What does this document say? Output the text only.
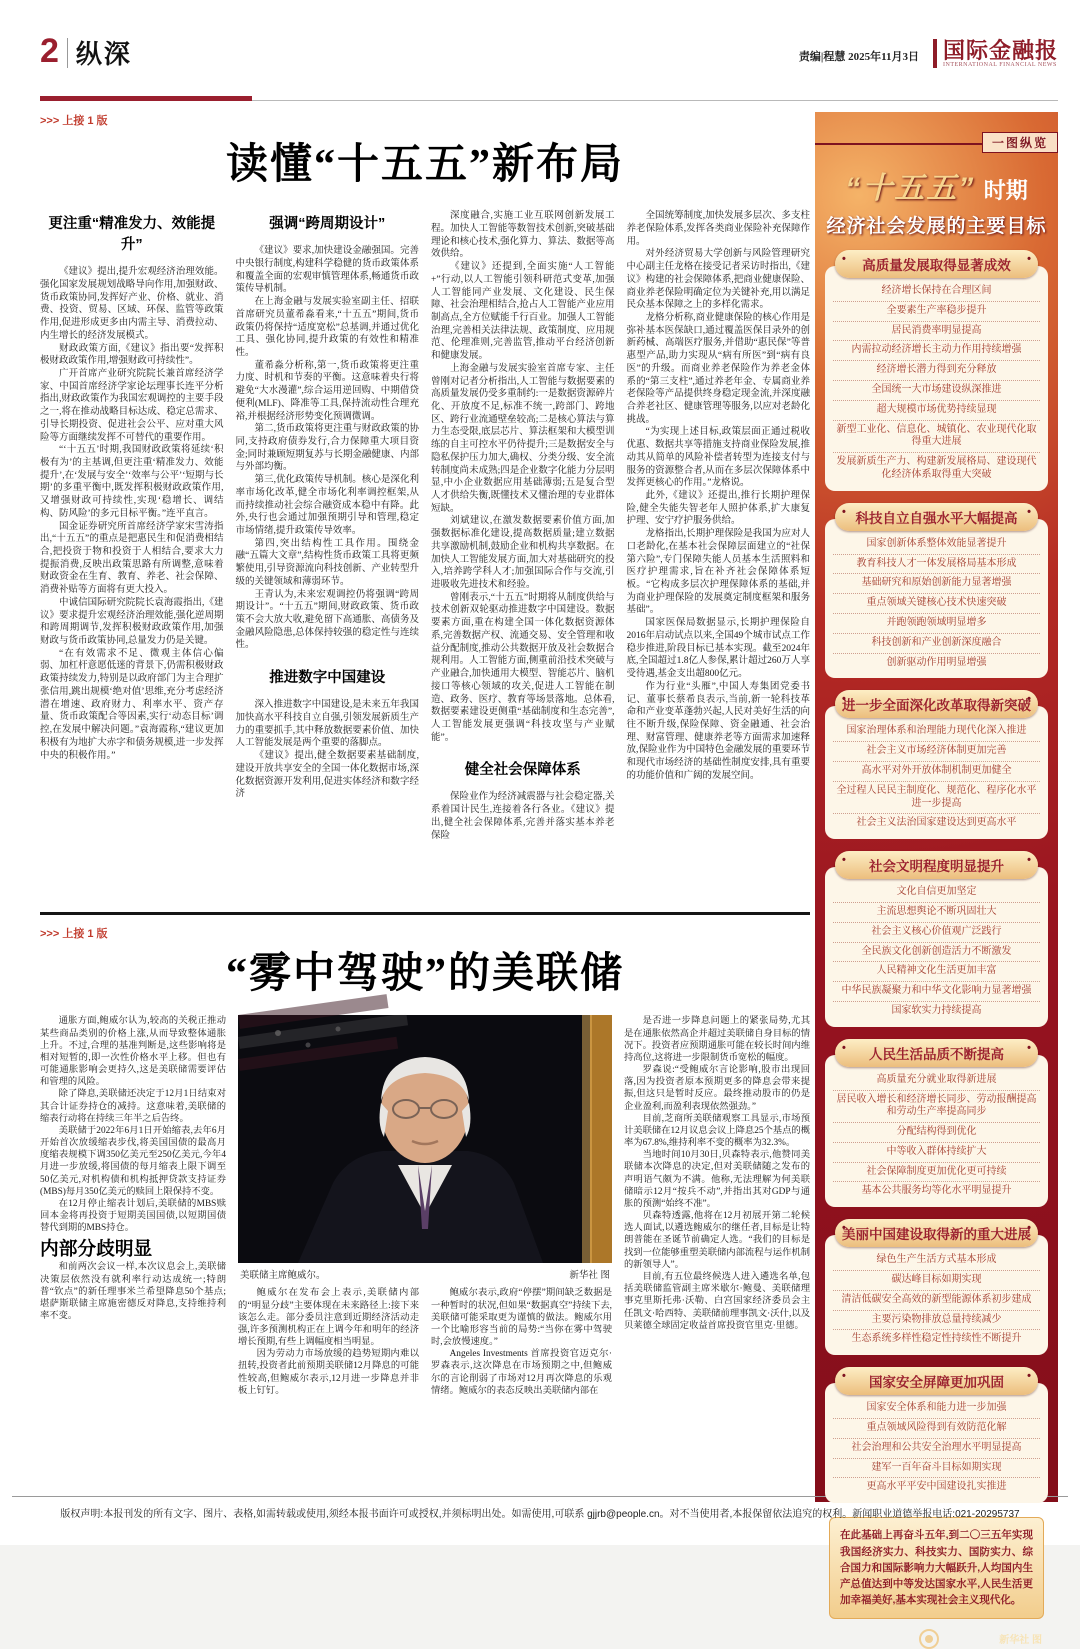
2 纵深	责编|程慧 2025年11月3日 国际金融报
INTERNATIONAL FINANCIAL NEWS
>>> 上接 1 版
读懂“十五五”新布局
更注重“精准发力、效能提升”

《建议》提出,提升宏观经济治理效能。强化国家发展规划战略导向作用,加强财政、货币政策协同,发挥好产业、价格、就业、消费、投资、贸易、区域、环保、监管等政策作用,促进形成更多由内需主导、消费拉动、内生增长的经济发展模式。

财政政策方面,《建议》指出要“发挥积极财政政策作用,增强财政可持续性”。

广开首席产业研究院院长兼首席经济学家、中国首席经济学家论坛理事长连平分析指出,财政政策作为我国宏观调控的主要手段之一,将在推动战略目标达成、稳定总需求、引导长期投资、促进社会公平、应对重大风险等方面继续发挥不可替代的重要作用。

“‘十五五’时期,我国财政政策将延续‘积极有为’的主基调,但更注重‘精准发力、效能提升’,在‘发展与安全’‘效率与公平’‘短期与长期’的多重平衡中,既发挥积极财政政策作用,又增强财政可持续性,实现‘稳增长、调结构、防风险’的多元目标平衡。”连平直言。

国金证券研究所首席经济学家宋雪涛指出,“十五五”的重点是把惠民生和促消费相结合,把投资于物和投资于人相结合,要求大力提振消费,反映出政策思路有所调整,意味着财政资金在生育、教育、养老、社会保障、消费补贴等方面将有更大投入。

中诚信国际研究院院长袁海霞指出,《建议》要求提升宏观经济治理效能,强化逆周期和跨周期调节,发挥积极财政政策作用,加强财政与货币政策协同,总量发力仍是关键。

“在有效需求不足、微观主体信心偏弱、加杠杆意愿低迷的背景下,仍需积极财政政策持续发力,特别是以政府部门为主合理扩张信用,跳出规模‘绝对值’思维,充分考虑经济潜在增速、政府财力、利率水平、资产存量、货币政策配合等因素,实行‘动态目标’调控,在发展中解决问题。”袁海霞称,“建议更加积极有为地扩大赤字和债务规模,进一步发挥中央的积极作用。”

强调“跨周期设计”

《建议》要求,加快建设金融强国。完善中央银行制度,构建科学稳健的货币政策体系和覆盖全面的宏观审慎管理体系,畅通货币政策传导机制。

在上海金融与发展实验室副主任、招联首席研究员董希淼看来,“十五五”期间,货币政策仍将保持“适度宽松”总基调,并通过优化工具、强化协同,提升政策的有效性和精准性。

董希淼分析称,第一,货币政策将更注重力度、时机和节奏的平衡。这意味着央行将避免“大水漫灌”,综合运用逆回购、中期借贷便利(MLF)、降准等工具,保持流动性合理充裕,并根据经济形势变化预调微调。

第二,货币政策将更注重与财政政策的协同,支持政府债券发行,合力保障重大项目资金;同时兼顾短期复苏与长期金融健康、内部与外部均衡。

第三,优化政策传导机制。核心是深化利率市场化改革,健全市场化利率调控框架,从而持续推动社会综合融资成本稳中有降。此外,央行也会通过加强预期引导和管理,稳定市场情绪,提升政策传导效率。

第四,突出结构性工具作用。围绕金融“五篇大文章”,结构性货币政策工具将更频繁使用,引导资源流向科技创新、产业转型升级的关键领域和薄弱环节。

王青认为,未来宏观调控仍将强调“跨周期设计”。“十五五”期间,财政政策、货币政策不会大放大收,避免留下高通胀、高债务及金融风险隐患,总体保持较强的稳定性与连续性。

推进数字中国建设

深入推进数字中国建设,是未来五年我国加快高水平科技自立自强,引领发展新质生产力的重要抓手,其中释放数据要素价值、加快人工智能发展是两个重要的落脚点。

《建议》提出,健全数据要素基础制度,建设开放共享安全的全国一体化数据市场,深化数据资源开发利用,促进实体经济和数字经济

深度融合,实施工业互联网创新发展工程。加快人工智能等数智技术创新,突破基础理论和核心技术,强化算力、算法、数据等高效供给。

《建议》还提到,全面实施“人工智能+”行动,以人工智能引领科研范式变革,加强人工智能同产业发展、文化建设、民生保障、社会治理相结合,抢占人工智能产业应用制高点,全方位赋能千行百业。加强人工智能治理,完善相关法律法规、政策制度、应用规范、伦理准则,完善监管,推动平台经济创新和健康发展。

上海金融与发展实验室首席专家、主任曾刚对记者分析指出,人工智能与数据要素的高质量发展仍受多重制约:一是数据资源碎片化、开放度不足,标准不统一,跨部门、跨地区、跨行业流通壁垒较高;二是核心算法与算力生态受限,底层芯片、算法框架和大模型训练的自主可控水平仍待提升;三是数据安全与隐私保护压力加大,确权、分类分级、安全流转制度尚未成熟;四是企业数字化能力分层明显,中小企业数据应用基础薄弱;五是复合型人才供给失衡,既懂技术又懂治理的专业群体短缺。

刘斌建议,在激发数据要素价值方面,加强数据标准化建设,提高数据质量;建立数据共享激励机制,鼓励企业和机构共享数据。在加快人工智能发展方面,加大对基础研究的投入,培养跨学科人才;加强国际合作与交流,引进吸收先进技术和经验。

曾刚表示,“十五五”时期将从制度供给与技术创新双轮驱动推进数字中国建设。数据要素方面,重在构建全国一体化数据资源体系,完善数据产权、流通交易、安全管理和收益分配制度,推动公共数据开放及社会数据合规利用。人工智能方面,侧重前沿技术突破与产业融合,加快通用大模型、智能芯片、脑机接口等核心领域的攻关,促进人工智能在制造、政务、医疗、教育等场景落地。总体看,数据要素建设更侧重“基础制度和生态完善”,人工智能发展更强调“科技攻坚与产业赋能”。

健全社会保障体系

保险业作为经济减震器与社会稳定器,关系着国计民生,连接着各行各业。《建议》提出,健全社会保障体系,完善并落实基本养老保险

全国统筹制度,加快发展多层次、多支柱养老保险体系,发挥各类商业保险补充保障作用。

对外经济贸易大学创新与风险管理研究中心副主任龙格在接受记者采访时指出,《建议》构建的社会保障体系,把商业健康保险、商业养老保险明确定位为关键补充,用以满足民众基本保障之上的多样化需求。

龙格分析称,商业健康保险的核心作用是弥补基本医保缺口,通过覆盖医保目录外的创新药械、高端医疗服务,并借助“惠民保”等普惠型产品,助力实现从“病有所医”到“病有良医”的升级。而商业养老保险作为养老金体系的“第三支柱”,通过养老年金、专属商业养老保险等产品提供终身稳定现金流,并深度融合养老社区、健康管理等服务,以应对老龄化挑战。

“为实现上述目标,政策层面正通过税收优惠、数据共享等措施支持商业保险发展,推动其从简单的风险补偿者转型为连接支付与服务的资源整合者,从而在多层次保障体系中发挥更核心的作用。”龙格说。

此外,《建议》还提出,推行长期护理保险,健全失能失智老年人照护体系,扩大康复护理、安宁疗护服务供给。

龙格指出,长期护理保险是我国为应对人口老龄化,在基本社会保障层面建立的“社保第六险”,专门保障失能人员基本生活照料和医疗护理需求,旨在补齐社会保障体系短板。“它构成多层次护理保障体系的基础,并为商业护理保险的发展奠定制度框架和服务基础”。

国家医保局数据显示,长期护理保险自2016年启动试点以来,全国49个城市试点工作稳步推进,阶段目标已基本实现。截至2024年底,全国超过1.8亿人参保,累计超过260万人享受待遇,基金支出超800亿元。

作为行业“头雁”,中国人寿集团党委书记、董事长蔡希良表示,当前,新一轮科技革命和产业变革蓬勃兴起,人民对美好生活的向往不断升级,保险保障、资金融通、社会治理、财富管理、健康养老等方面需求加速释放,保险业作为中国特色金融发展的重要环节和现代市场经济的基础性制度安排,具有重要的功能价值和广阔的发展空间。

>>> 上接 1 版
“雾中驾驶”的美联储

通胀方面,鲍威尔认为,较高的关税正推动某些商品类别的价格上涨,从而导致整体通胀上升。不过,合理的基准判断是,这些影响将是相对短暂的,即一次性价格水平上移。但也有可能通胀影响会更持久,这是美联储需要评估和管理的风险。

除了降息,美联储还决定于12月1日结束对其合计证券持仓的减持。这意味着,美联储的缩表行动将在持续三年半之后告终。

美联储于2022年6月1日开始缩表,去年6月开始首次放缓缩表步伐,将美国国债的最高月度缩表规模下调350亿美元至250亿美元,今年4月进一步放缓,将国债的每月缩表上限下调至50亿美元,对机构债和机构抵押贷款支持证券(MBS)每月350亿美元的赎回上限保持不变。

在12月停止缩表计划后,美联储的MBS赎回本金将再投资于短期美国国债,以短期国债替代到期的MBS持仓。

内部分歧明显

和前两次会议一样,本次议息会上,美联储决策层依然没有就利率行动达成统一;特朗普“钦点”的新任理事米兰希望降息50个基点;堪萨斯联储主席施密德反对降息,支持维持利率不变。

美联储主席鲍威尔。	新华社 图

鲍威尔在发布会上表示,美联储内部的“明显分歧”主要体现在未来路径上:接下来该怎么走。部分委员注意到近期经济活动走强,许多预测机构正在上调今年和明年的经济增长预期,有些上调幅度相当明显。

因为劳动力市场放缓的趋势短期内难以扭转,投资者此前预期美联储12月降息的可能性较高,但鲍威尔表示,12月进一步降息并非板上钉钉。

鲍威尔表示,政府“停摆”期间缺乏数据是一种暂时的状况,但如果“数据真空”持续下去,美联储可能采取更为谨慎的做法。鲍威尔用一个比喻形容当前的局势:“当你在雾中驾驶时,会放慢速度。”

Angeles Investments 首席投资官迈克尔·罗森表示,这次降息在市场预期之中,但鲍威尔的言论削弱了市场对12月再次降息的乐观情绪。鲍威尔的表态反映出美联储内部在

是否进一步降息问题上的紧张局势,尤其是在通胀依然高企并超过美联储自身目标的情况下。投资者应预期通胀可能在较长时间内维持高位,这将进一步限制货币宽松的幅度。

罗森说:“受鲍威尔言论影响,股市出现回落,因为投资者原本预期更多的降息会带来提振,但这只是暂时反应。最终推动股市的仍是企业盈利,而盈利表现依然强劲。”

目前,芝商所美联储观察工具显示,市场预计美联储在12月议息会议上降息25个基点的概率为67.8%,维持利率不变的概率为32.3%。

当地时间10月30日,贝森特表示,他赞同美联储本次降息的决定,但对美联储随之发布的声明语气颇为不满。他称,无法理解为何美联储暗示12月“按兵不动”,并指出其对GDP与通胀的预测“始终不准”。

贝森特透露,他将在12月初展开第二轮候选人面试,以遴选鲍威尔的继任者,目标是让特朗普能在圣诞节前确定人选。“我们的目标是找到一位能够重塑美联储内部流程与运作机制的新领导人”。

目前,有五位最终候选人进入遴选名单,包括美联储监管副主席米歇尔·鲍曼、美联储理事克里斯托弗·沃勒、白宫国家经济委员会主任凯文·哈西特、美联储前理事凯文·沃什,以及贝莱德全球固定收益首席投资官里克·里德。

一图纵览
“十五五” 时期
经济社会发展的主要目标
• 高质量发展取得显著成效 •
经济增长保持在合理区间
全要素生产率稳步提升
居民消费率明显提高
内需拉动经济增长主动力作用持续增强
经济增长潜力得到充分释放
全国统一大市场建设纵深推进
超大规模市场优势持续显现
新型工业化、信息化、城镇化、农业现代化取得重大进展
发展新质生产力、构建新发展格局、建设现代化经济体系取得重大突破
• 科技自立自强水平大幅提高 •
国家创新体系整体效能显著提升
教育科技人才一体发展格局基本形成
基础研究和原始创新能力显著增强
重点领域关键核心技术快速突破
并跑领跑领域明显增多
科技创新和产业创新深度融合
创新驱动作用明显增强
• 进一步全面深化改革取得新突破 •
国家治理体系和治理能力现代化深入推进
社会主义市场经济体制更加完善
高水平对外开放体制机制更加健全
全过程人民民主制度化、规范化、程序化水平进一步提高
社会主义法治国家建设达到更高水平
• 社会文明程度明显提升 •
文化自信更加坚定
主流思想舆论不断巩固壮大
社会主义核心价值观广泛践行
全民族文化创新创造活力不断激发
人民精神文化生活更加丰富
中华民族凝聚力和中华文化影响力显著增强
国家软实力持续提高
• 人民生活品质不断提高 •
高质量充分就业取得新进展
居民收入增长和经济增长同步、劳动报酬提高和劳动生产率提高同步
分配结构得到优化
中等收入群体持续扩大
社会保障制度更加优化更可持续
基本公共服务均等化水平明显提升
• 美丽中国建设取得新的重大进展 •
绿色生产生活方式基本形成
碳达峰目标如期实现
清洁低碳安全高效的新型能源体系初步建成
主要污染物排放总量持续减少
生态系统多样性稳定性持续性不断提升
• 国家安全屏障更加巩固 •
国家安全体系和能力进一步加强
重点领域风险得到有效防范化解
社会治理和公共安全治理水平明显提高
建军一百年奋斗目标如期实现
更高水平平安中国建设扎实推进
在此基础上再奋斗五年,到二〇三五年实现我国经济实力、科技实力、国防实力、综合国力和国际影响力大幅跃升,人均国内生产总值达到中等发达国家水平,人民生活更加幸福美好,基本实现社会主义现代化。
新华社 图

版权声明:本报刊发的所有文字、图片、表格,如需转载或使用,须经本报书面许可或授权,并须标明出处。如需使用,可联系 gjjrb@people.cn。对不当使用者,本报保留依法追究的权利。新闻职业道德举报电话:021-20295737
